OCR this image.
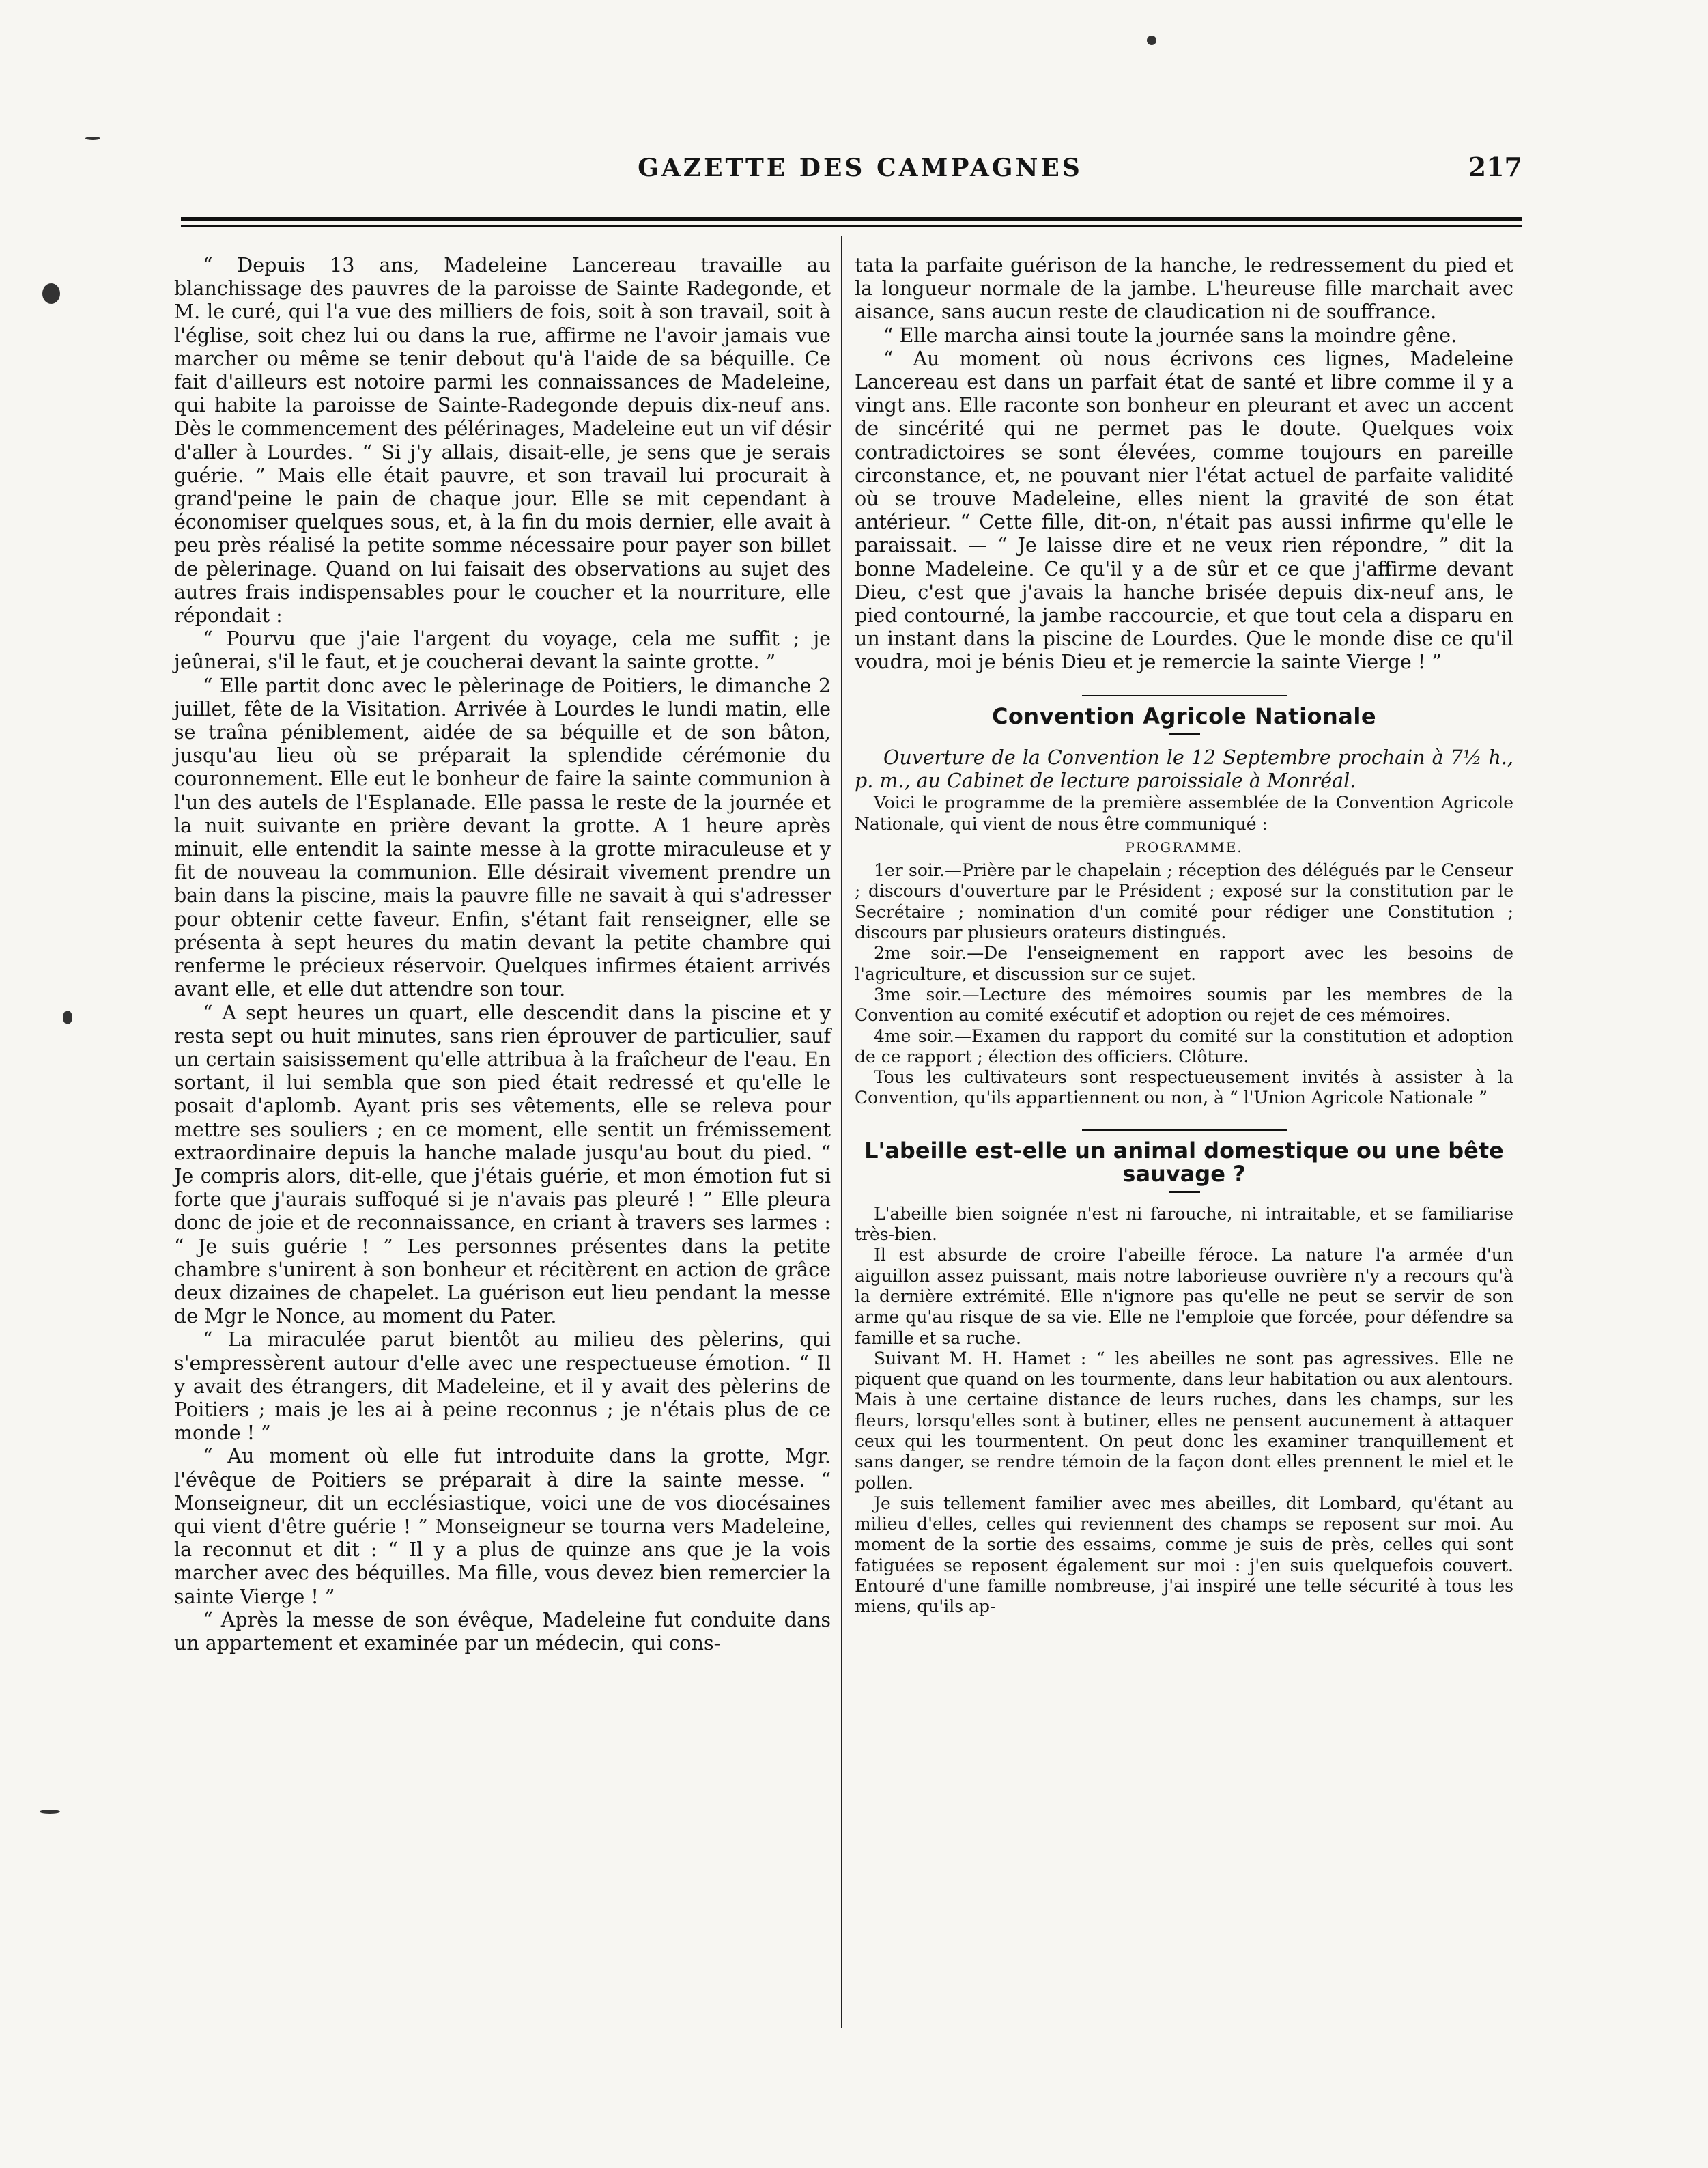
GAZETTE DES CAMPAGNES	217

“ Depuis 13 ans, Madeleine Lancereau travaille au blanchissage des pauvres de la paroisse de Sainte Radegonde, et M. le curé, qui l'a vue des milliers de fois, soit à son travail, soit à l'église, soit chez lui ou dans la rue, affirme ne l'avoir jamais vue marcher ou même se tenir debout qu'à l'aide de sa béquille. Ce fait d'ailleurs est notoire parmi les connaissances de Madeleine, qui habite la paroisse de Sainte-Radegonde depuis dix-neuf ans. Dès le commencement des pélérinages, Madeleine eut un vif désir d'aller à Lourdes. “ Si j'y allais, disait-elle, je sens que je serais guérie. ” Mais elle était pauvre, et son travail lui procurait à grand'peine le pain de chaque jour. Elle se mit cependant à économiser quelques sous, et, à la fin du mois dernier, elle avait à peu près réalisé la petite somme nécessaire pour payer son billet de pèlerinage. Quand on lui faisait des observations au sujet des autres frais indispensables pour le coucher et la nourriture, elle répondait :

“ Pourvu que j'aie l'argent du voyage, cela me suffit ; je jeûnerai, s'il le faut, et je coucherai devant la sainte grotte. ”

“ Elle partit donc avec le pèlerinage de Poitiers, le dimanche 2 juillet, fête de la Visitation. Arrivée à Lourdes le lundi matin, elle se traîna péniblement, aidée de sa béquille et de son bâton, jusqu'au lieu où se préparait la splendide cérémonie du couronnement. Elle eut le bonheur de faire la sainte communion à l'un des autels de l'Esplanade. Elle passa le reste de la journée et la nuit suivante en prière devant la grotte. A 1 heure après minuit, elle entendit la sainte messe à la grotte miraculeuse et y fit de nouveau la communion. Elle désirait vivement prendre un bain dans la piscine, mais la pauvre fille ne savait à qui s'adresser pour obtenir cette faveur. Enfin, s'étant fait renseigner, elle se présenta à sept heures du matin devant la petite chambre qui renferme le précieux réservoir. Quelques infirmes étaient arrivés avant elle, et elle dut attendre son tour.

“ A sept heures un quart, elle descendit dans la piscine et y resta sept ou huit minutes, sans rien éprouver de particulier, sauf un certain saisissement qu'elle attribua à la fraîcheur de l'eau. En sortant, il lui sembla que son pied était redressé et qu'elle le posait d'aplomb. Ayant pris ses vêtements, elle se releva pour mettre ses souliers ; en ce moment, elle sentit un frémissement extraordinaire depuis la hanche malade jusqu'au bout du pied. “ Je compris alors, dit-elle, que j'étais guérie, et mon émotion fut si forte que j'aurais suffoqué si je n'avais pas pleuré ! ” Elle pleura donc de joie et de reconnaissance, en criant à travers ses larmes : “ Je suis guérie ! ” Les personnes présentes dans la petite chambre s'unirent à son bonheur et récitèrent en action de grâce deux dizaines de chapelet. La guérison eut lieu pendant la messe de Mgr le Nonce, au moment du Pater.

“ La miraculée parut bientôt au milieu des pèlerins, qui s'empressèrent autour d'elle avec une respectueuse émotion. “ Il y avait des étrangers, dit Madeleine, et il y avait des pèlerins de Poitiers ; mais je les ai à peine reconnus ; je n'étais plus de ce monde ! ”

“ Au moment où elle fut introduite dans la grotte, Mgr. l'évêque de Poitiers se préparait à dire la sainte messe. “ Monseigneur, dit un ecclésiastique, voici une de vos diocésaines qui vient d'être guérie ! ” Monseigneur se tourna vers Madeleine, la reconnut et dit : “ Il y a plus de quinze ans que je la vois marcher avec des béquilles. Ma fille, vous devez bien remercier la sainte Vierge ! ”

“ Après la messe de son évêque, Madeleine fut conduite dans un appartement et examinée par un médecin, qui cons-

tata la parfaite guérison de la hanche, le redressement du pied et la longueur normale de la jambe. L'heureuse fille marchait avec aisance, sans aucun reste de claudication ni de souffrance.

“ Elle marcha ainsi toute la journée sans la moindre gêne.

“ Au moment où nous écrivons ces lignes, Madeleine Lancereau est dans un parfait état de santé et libre comme il y a vingt ans. Elle raconte son bonheur en pleurant et avec un accent de sincérité qui ne permet pas le doute. Quelques voix contradictoires se sont élevées, comme toujours en pareille circonstance, et, ne pouvant nier l'état actuel de parfaite validité où se trouve Madeleine, elles nient la gravité de son état antérieur. “ Cette fille, dit-on, n'était pas aussi infirme qu'elle le paraissait. — “ Je laisse dire et ne veux rien répondre, ” dit la bonne Madeleine. Ce qu'il y a de sûr et ce que j'affirme devant Dieu, c'est que j'avais la hanche brisée depuis dix-neuf ans, le pied contourné, la jambe raccourcie, et que tout cela a disparu en un instant dans la piscine de Lourdes. Que le monde dise ce qu'il voudra, moi je bénis Dieu et je remercie la sainte Vierge ! ”

Convention Agricole Nationale

Ouverture de la Convention le 12 Septembre prochain à 7½ h., p. m., au Cabinet de lecture paroissiale à Monréal.

Voici le programme de la première assemblée de la Convention Agricole Nationale, qui vient de nous être communiqué :

PROGRAMME.

1er soir.—Prière par le chapelain ; réception des délégués par le Censeur ; discours d'ouverture par le Président ; exposé sur la constitution par le Secrétaire ; nomination d'un comité pour rédiger une Constitution ; discours par plusieurs orateurs distingués.

2me soir.—De l'enseignement en rapport avec les besoins de l'agriculture, et discussion sur ce sujet.

3me soir.—Lecture des mémoires soumis par les membres de la Convention au comité exécutif et adoption ou rejet de ces mémoires.

4me soir.—Examen du rapport du comité sur la constitution et adoption de ce rapport ; élection des officiers. Clôture.

Tous les cultivateurs sont respectueusement invités à assister à la Convention, qu'ils appartiennent ou non, à “ l'Union Agricole Nationale ”

L'abeille est-elle un animal domestique ou une bête
sauvage ?

L'abeille bien soignée n'est ni farouche, ni intraitable, et se familiarise très-bien.

Il est absurde de croire l'abeille féroce. La nature l'a armée d'un aiguillon assez puissant, mais notre laborieuse ouvrière n'y a recours qu'à la dernière extrémité. Elle n'ignore pas qu'elle ne peut se servir de son arme qu'au risque de sa vie. Elle ne l'emploie que forcée, pour défendre sa famille et sa ruche.

Suivant M. H. Hamet : “ les abeilles ne sont pas agressives. Elle ne piquent que quand on les tourmente, dans leur habitation ou aux alentours. Mais à une certaine distance de leurs ruches, dans les champs, sur les fleurs, lorsqu'elles sont à butiner, elles ne pensent aucunement à attaquer ceux qui les tourmentent. On peut donc les examiner tranquillement et sans danger, se rendre témoin de la façon dont elles prennent le miel et le pollen.

Je suis tellement familier avec mes abeilles, dit Lombard, qu'étant au milieu d'elles, celles qui reviennent des champs se reposent sur moi. Au moment de la sortie des essaims, comme je suis de près, celles qui sont fatiguées se reposent également sur moi : j'en suis quelquefois couvert. Entouré d'une famille nombreuse, j'ai inspiré une telle sécurité à tous les miens, qu'ils ap-
